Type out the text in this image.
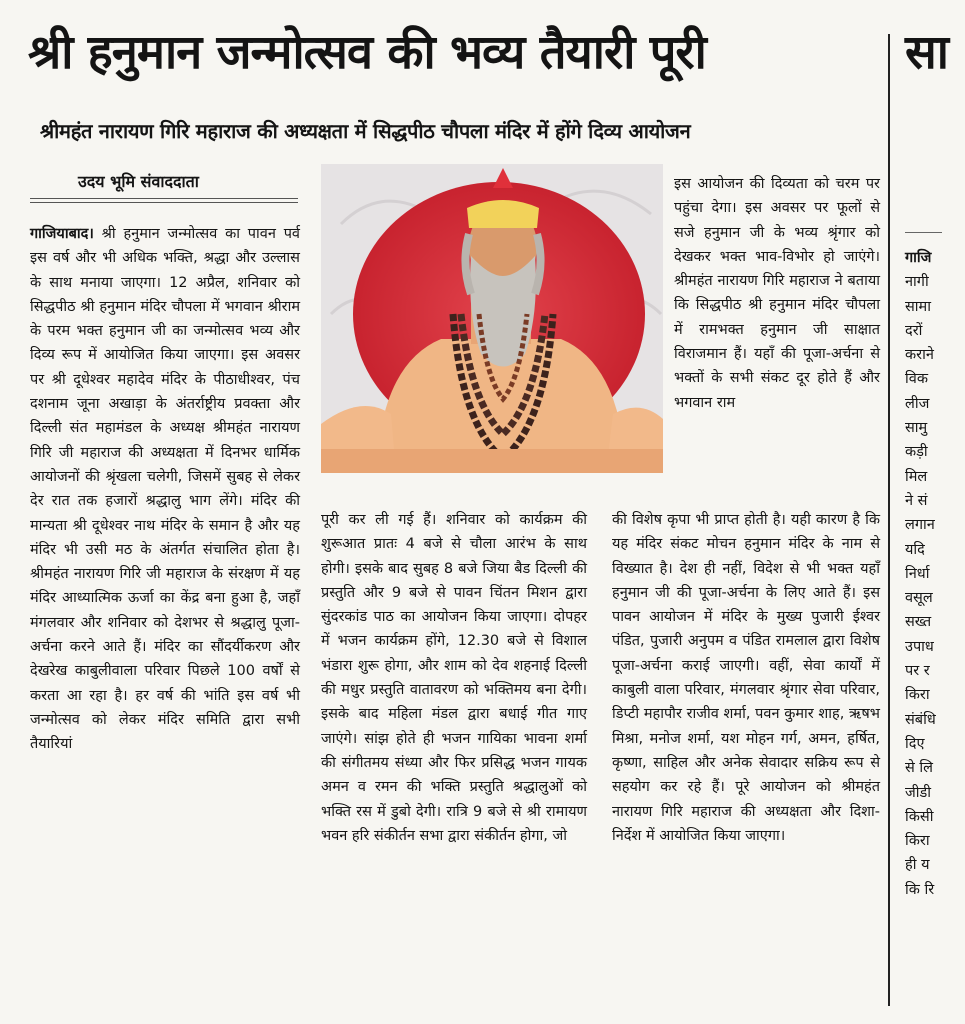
श्री हनुमान जन्मोत्सव की भव्य तैयारी पूरी	सा
श्रीमहंत नारायण गिरि महाराज की अध्यक्षता में सिद्धपीठ चौपला मंदिर में होंगे दिव्य आयोजन
उदय भूमि संवाददाता
गाजियाबाद। श्री हनुमान जन्मोत्सव का पावन पर्व इस वर्ष और भी अधिक भक्ति, श्रद्धा और उल्लास के साथ मनाया जाएगा। 12 अप्रैल, शनिवार को सिद्धपीठ श्री हनुमान मंदिर चौपला में भगवान श्रीराम के परम भक्त हनुमान जी का जन्मोत्सव भव्य और दिव्य रूप में आयोजित किया जाएगा। इस अवसर पर श्री दूधेश्वर महादेव मंदिर के पीठाधीश्वर, पंच दशनाम जूना अखाड़ा के अंतर्राष्ट्रीय प्रवक्ता और दिल्ली संत महामंडल के अध्यक्ष श्रीमहंत नारायण गिरि जी महाराज की अध्यक्षता में दिनभर धार्मिक आयोजनों की श्रृंखला चलेगी, जिसमें सुबह से लेकर देर रात तक हजारों श्रद्धालु भाग लेंगे। मंदिर की मान्यता श्री दूधेश्वर नाथ मंदिर के समान है और यह मंदिर भी उसी मठ के अंतर्गत संचालित होता है। श्रीमहंत नारायण गिरि जी महाराज के संरक्षण में यह मंदिर आध्यात्मिक ऊर्जा का केंद्र बना हुआ है, जहाँ मंगलवार और शनिवार को देशभर से श्रद्धालु पूजा-अर्चना करने आते हैं। मंदिर का सौंदर्यीकरण और देखरेख काबुलीवाला परिवार पिछले 100 वर्षों से करता आ रहा है। हर वर्ष की भांति इस वर्ष भी जन्मोत्सव को लेकर मंदिर समिति द्वारा सभी तैयारियां
पूरी कर ली गई हैं। शनिवार को कार्यक्रम की शुरूआत प्रातः 4 बजे से चौला आरंभ के साथ होगी। इसके बाद सुबह 8 बजे जिया बैड दिल्ली की प्रस्तुति और 9 बजे से पावन चिंतन मिशन द्वारा सुंदरकांड पाठ का आयोजन किया जाएगा। दोपहर में भजन कार्यक्रम होंगे, 12.30 बजे से विशाल भंडारा शुरू होगा, और शाम को देव शहनाई दिल्ली की मधुर प्रस्तुति वातावरण को भक्तिमय बना देगी। इसके बाद महिला मंडल द्वारा बधाई गीत गाए जाएंगे। सांझ होते ही भजन गायिका भावना शर्मा की संगीतमय संध्या और फिर प्रसिद्ध भजन गायक अमन व रमन की भक्ति प्रस्तुति श्रद्धालुओं को भक्ति रस में डुबो देगी। रात्रि 9 बजे से श्री रामायण भवन हरि संकीर्तन सभा द्वारा संकीर्तन होगा, जो
इस आयोजन की दिव्यता को चरम पर पहुंचा देगा। इस अवसर पर फूलों से सजे हनुमान जी के भव्य श्रृंगार को देखकर भक्त भाव-विभोर हो जाएंगे। श्रीमहंत नारायण गिरि महाराज ने बताया कि सिद्धपीठ श्री हनुमान मंदिर चौपला में रामभक्त हनुमान जी साक्षात विराजमान हैं। यहाँ की पूजा-अर्चना से भक्तों के सभी संकट दूर होते हैं और भगवान राम
की विशेष कृपा भी प्राप्त होती है। यही कारण है कि यह मंदिर संकट मोचन हनुमान मंदिर के नाम से विख्यात है। देश ही नहीं, विदेश से भी भक्त यहाँ हनुमान जी की पूजा-अर्चना के लिए आते हैं। इस पावन आयोजन में मंदिर के मुख्य पुजारी ईश्वर पंडित, पुजारी अनुपम व पंडित रामलाल द्वारा विशेष पूजा-अर्चना कराई जाएगी। वहीं, सेवा कार्यों में काबुली वाला परिवार, मंगलवार श्रृंगार सेवा परिवार, डिप्टी महापौर राजीव शर्मा, पवन कुमार शाह, ऋषभ मिश्रा, मनोज शर्मा, यश मोहन गर्ग, अमन, हर्षित, कृष्णा, साहिल और अनेक सेवादार सक्रिय रूप से सहयोग कर रहे हैं। पूरे आयोजन को श्रीमहंत नारायण गिरि महाराज की अध्यक्षता और दिशा-निर्देश में आयोजित किया जाएगा।
गाजि
नागी
सामा
दरों
कराने
विक
लीज
सामु
कड़ी
मिल
ने सं
लगान
यदि
निर्धा
वसूल
सख्त
उपाध
पर र
किरा
संबंधि
दिए
से लि
जीडी
किसी
किरा
ही य
कि रि
